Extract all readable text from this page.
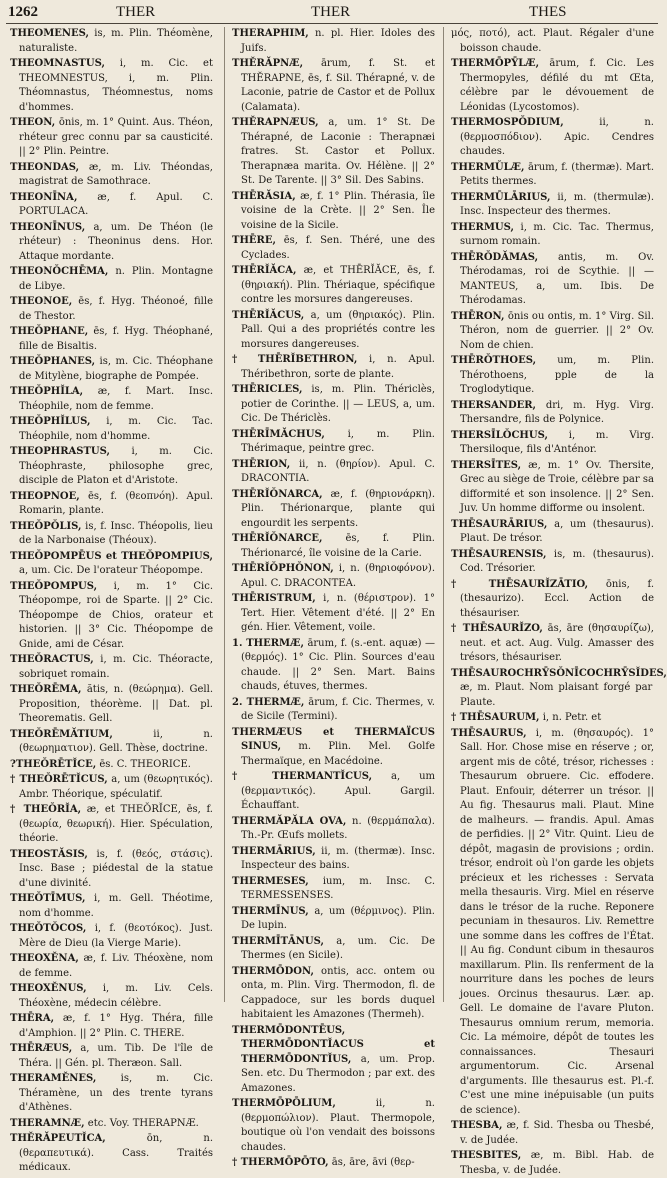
1262	THER	THER	THES

THEOMENES, is, m. Plin. Théomène, naturaliste.

THEOMNASTUS, i, m. Cic. et THEOMNESTUS, i, m. Plin. Théomnastus, Théomnestus, noms d'hommes.

THEON, ōnis, m. 1° Quint. Aus. Théon, rhéteur grec connu par sa causticité. || 2° Plin. Peintre.

THEONDAS, æ, m. Liv. Théondas, magistrat de Samothrace.

THEONĪNA, æ, f. Apul. C. PORTULACA.

THEONĪNUS, a, um. De Théon (le rhéteur) : Theoninus dens. Hor. Attaque mordante.

THEONŎCHĒMA, n. Plin. Montagne de Libye.

THEONOE, ēs, f. Hyg. Théonoé, fille de Thestor.

THEŎPHANE, ēs, f. Hyg. Théophané, fille de Bisaltis.

THEŎPHANES, is, m. Cic. Théophane de Mitylène, biographe de Pompée.

THEŎPHĬLA, æ, f. Mart. Insc. Théophile, nom de femme.

THEŎPHĬLUS, i, m. Cic. Tac. Théophile, nom d'homme.

THEOPHRASTUS, i, m. Cic. Théophraste, philosophe grec, disciple de Platon et d'Aristote.

THEOPNOE, ēs, f. (θεοπνόη). Apul. Romarin, plante.

THEŎPŎLIS, is, f. Insc. Théopolis, lieu de la Narbonaise (Théoux).

THEŎPOMPĒUS et THEŎPOMPIUS, a, um. Cic. De l'orateur Théopompe.

THEŎPOMPUS, i, m. 1° Cic. Théopompe, roi de Sparte. || 2° Cic. Théopompe de Chios, orateur et historien. || 3° Cic. Théopompe de Gnide, ami de César.

THEŎRACTUS, i, m. Cic. Théoracte, sobriquet romain.

THEŎRĒMA, ătis, n. (θεώρημα). Gell. Proposition, théorème. || Dat. pl. Theorematis. Gell.

THEŎRĒMĂTIUM, ii, n. (θεωρηματιον). Gell. Thèse, doctrine.

?THEŎRĒTĬCE, ēs. C. THEORICE.

† THEŎRĒTĬCUS, a, um (θεωρητικός). Ambr. Théorique, spéculatif.

† THEŎRĬA, æ, et THEŎRĬCE, ēs, f. (θεωρία, θεωρική). Hier. Spéculation, théorie.

THEOSTĂSIS, is, f. (θεός, στάσις). Insc. Base ; piédestal de la statue d'une divinité.

THEŎTĪMUS, i, m. Gell. Théotime, nom d'homme.

THEŎTŎCOS, i, f. (θεοτόκος). Just. Mère de Dieu (la Vierge Marie).

THEOXĔNA, æ, f. Liv. Théoxène, nom de femme.

THEOXĔNUS, i, m. Liv. Cels. Théoxène, médecin célèbre.

THĒRA, æ, f. 1° Hyg. Théra, fille d'Amphion. || 2° Plin. C. THERE.

THĒRÆUS, a, um. Tib. De l'île de Théra. || Gén. pl. Theræon. Sall.

THERAMĔNES, is, m. Cic. Théramène, un des trente tyrans d'Athènes.

THERAMNÆ, etc. Voy. THERAPNÆ.

THĔRĂPEUTĬCA, ōn, n. (θεραπευτικά). Cass. Traités médicaux.

THERAPHIM, n. pl. Hier. Idoles des Juifs.

THĔRĂPNÆ, ārum, f. St. et THĔRAPNE, ēs, f. Sil. Thérapné, v. de Laconie, patrie de Castor et de Pollux (Calamata).

THĔRAPNÆUS, a, um. 1° St. De Thérapné, de Laconie : Therapnæi fratres. St. Castor et Pollux. Therapnæa marita. Ov. Hélène. || 2° St. De Tarente. || 3° Sil. Des Sabins.

THĒRĂSIA, æ, f. 1° Plin. Thérasia, île voisine de la Crète. || 2° Sen. Île voisine de la Sicile.

THĒRE, ēs, f. Sen. Théré, une des Cyclades.

THĒRĬĂCA, æ, et THĒRĬĂCE, ēs, f. (θηριακή). Plin. Thériaque, spécifique contre les morsures dangereuses.

THĒRĬĂCUS, a, um (θηριακός). Plin. Pall. Qui a des propriétés contre les morsures dangereuses.

† THĒRĬBETHRON, i, n. Apul. Théribethron, sorte de plante.

THĒRICLES, is, m. Plin. Thériclès, potier de Corinthe. || — LEUS, a, um. Cic. De Thériclès.

THĒRĪMĂCHUS, i, m. Plin. Thérimaque, peintre grec.

THĒRION, ii, n. (θηρίον). Apul. C. DRACONTIA.

THĒRĬŎNARCA, æ, f. (θηριονάρκη). Plin. Thérionarque, plante qui engourdit les serpents.

THĒRĬŎNARCE, ēs, f. Plin. Thérionarcé, île voisine de la Carie.

THĒRĬŎPHŎNON, i, n. (θηριοφόνον). Apul. C. DRACONTEA.

THĒRISTRUM, i, n. (θέριστρον). 1° Tert. Hier. Vêtement d'été. || 2° En gén. Hier. Vêtement, voile.

1. THERMÆ, ārum, f. (s.-ent. aquæ) — (θερμός). 1° Cic. Plin. Sources d'eau chaude. || 2° Sen. Mart. Bains chauds, étuves, thermes.

2. THERMÆ, ārum, f. Cic. Thermes, v. de Sicile (Termini).

THERMÆUS et THERMAÏCUS SINUS, m. Plin. Mel. Golfe Thermaïque, en Macédoine.

† THERMANTĬCUS, a, um (θερμαντικός). Apul. Gargil. Échauffant.

THERMĂPĂLA OVA, n. (θερμάπαλα). Th.-Pr. Œufs mollets.

THERMĀRIUS, ii, m. (thermæ). Insc. Inspecteur des bains.

THERMESES, ium, m. Insc. C. TERMESSENSES.

THERMĪNUS, a, um (θέρμινος). Plin. De lupin.

THERMĪTĀNUS, a, um. Cic. De Thermes (en Sicile).

THERMŌDON, ontis, acc. ontem ou onta, m. Plin. Virg. Thermodon, fl. de Cappadoce, sur les bords duquel habitaient les Amazones (Thermeh).

THERMŌDONTĒUS, THERMŌDONTĬACUS et THERMŌDONTĬUS, a, um. Prop. Sen. etc. Du Thermodon ; par ext. des Amazones.

THERMŌPŌLIUM, ii, n. (θερμοπώλιον). Plaut. Thermopole, boutique où l'on vendait des boissons chaudes.

† THERMŌPŌTO, ās, āre, āvi (θερ-

μός, ποτό), act. Plaut. Régaler d'une boisson chaude.

THERMŌPȲLÆ, ārum, f. Cic. Les Thermopyles, défilé du mt Œta, célèbre par le dévouement de Léonidas (Lycostomos).

THERMOSPŎDIUM, ii, n. (θερμοσπόδιον). Apic. Cendres chaudes.

THERMŬLÆ, ārum, f. (thermæ). Mart. Petits thermes.

THERMŪLĀRIUS, ii, m. (thermulæ). Insc. Inspecteur des thermes.

THERMUS, i, m. Cic. Tac. Thermus, surnom romain.

THĒRŎDĂMAS, antis, m. Ov. Thérodamas, roi de Scythie. || — MANTEUS, a, um. Ibis. De Thérodamas.

THĒRON, ōnis ou ontis, m. 1° Virg. Sil. Théron, nom de guerrier. || 2° Ov. Nom de chien.

THĒRŎTHOES, um, m. Plin. Thérothoens, pple de la Troglodytique.

THERSANDER, dri, m. Hyg. Virg. Thersandre, fils de Polynice.

THERSĪLŎCHUS, i, m. Virg. Thersiloque, fils d'Anténor.

THERSĪTES, æ, m. 1° Ov. Thersite, Grec au siège de Troie, célèbre par sa difformité et son insolence. || 2° Sen. Juv. Un homme difforme ou insolent.

THĒSAURĀRIUS, a, um (thesaurus). Plaut. De trésor.

THĒSAURENSIS, is, m. (thesaurus). Cod. Trésorier.

† THĒSAURĬZĀTIO, ōnis, f. (thesaurizo). Eccl. Action de thésauriser.

† THĒSAURĬZO, ās, āre (θησαυρίζω), neut. et act. Aug. Vulg. Amasser des trésors, thésauriser.

THĒSAUROCHRȲSŎNĪCOCHRȲSĬDES, æ, m. Plaut. Nom plaisant forgé par Plaute.

† THĒSAURUM, i, n. Petr. et

THĒSAURUS, i, m. (θησαυρός). 1° Sall. Hor. Chose mise en réserve ; or, argent mis de côté, trésor, richesses : Thesaurum obruere. Cic. effodere. Plaut. Enfouir, déterrer un trésor. || Au fig. Thesaurus mali. Plaut. Mine de malheurs. — frandis. Apul. Amas de perfidies. || 2° Vitr. Quint. Lieu de dépôt, magasin de provisions ; ordin. trésor, endroit où l'on garde les objets précieux et les richesses : Servata mella thesauris. Virg. Miel en réserve dans le trésor de la ruche. Reponere pecuniam in thesauros. Liv. Remettre une somme dans les coffres de l'État. || Au fig. Condunt cibum in thesauros maxillarum. Plin. Ils renferment de la nourriture dans les poches de leurs joues. Orcinus thesaurus. Lær. ap. Gell. Le domaine de l'avare Pluton. Thesaurus omnium rerum, memoria. Cic. La mémoire, dépôt de toutes les connaissances. Thesauri argumentorum. Cic. Arsenal d'arguments. Ille thesaurus est. Pl.-f. C'est une mine inépuisable (un puits de science).

THESBA, æ, f. Sid. Thesba ou Thesbé, v. de Judée.

THESBITES, æ, m. Bibl. Hab. de Thesba, v. de Judée.
